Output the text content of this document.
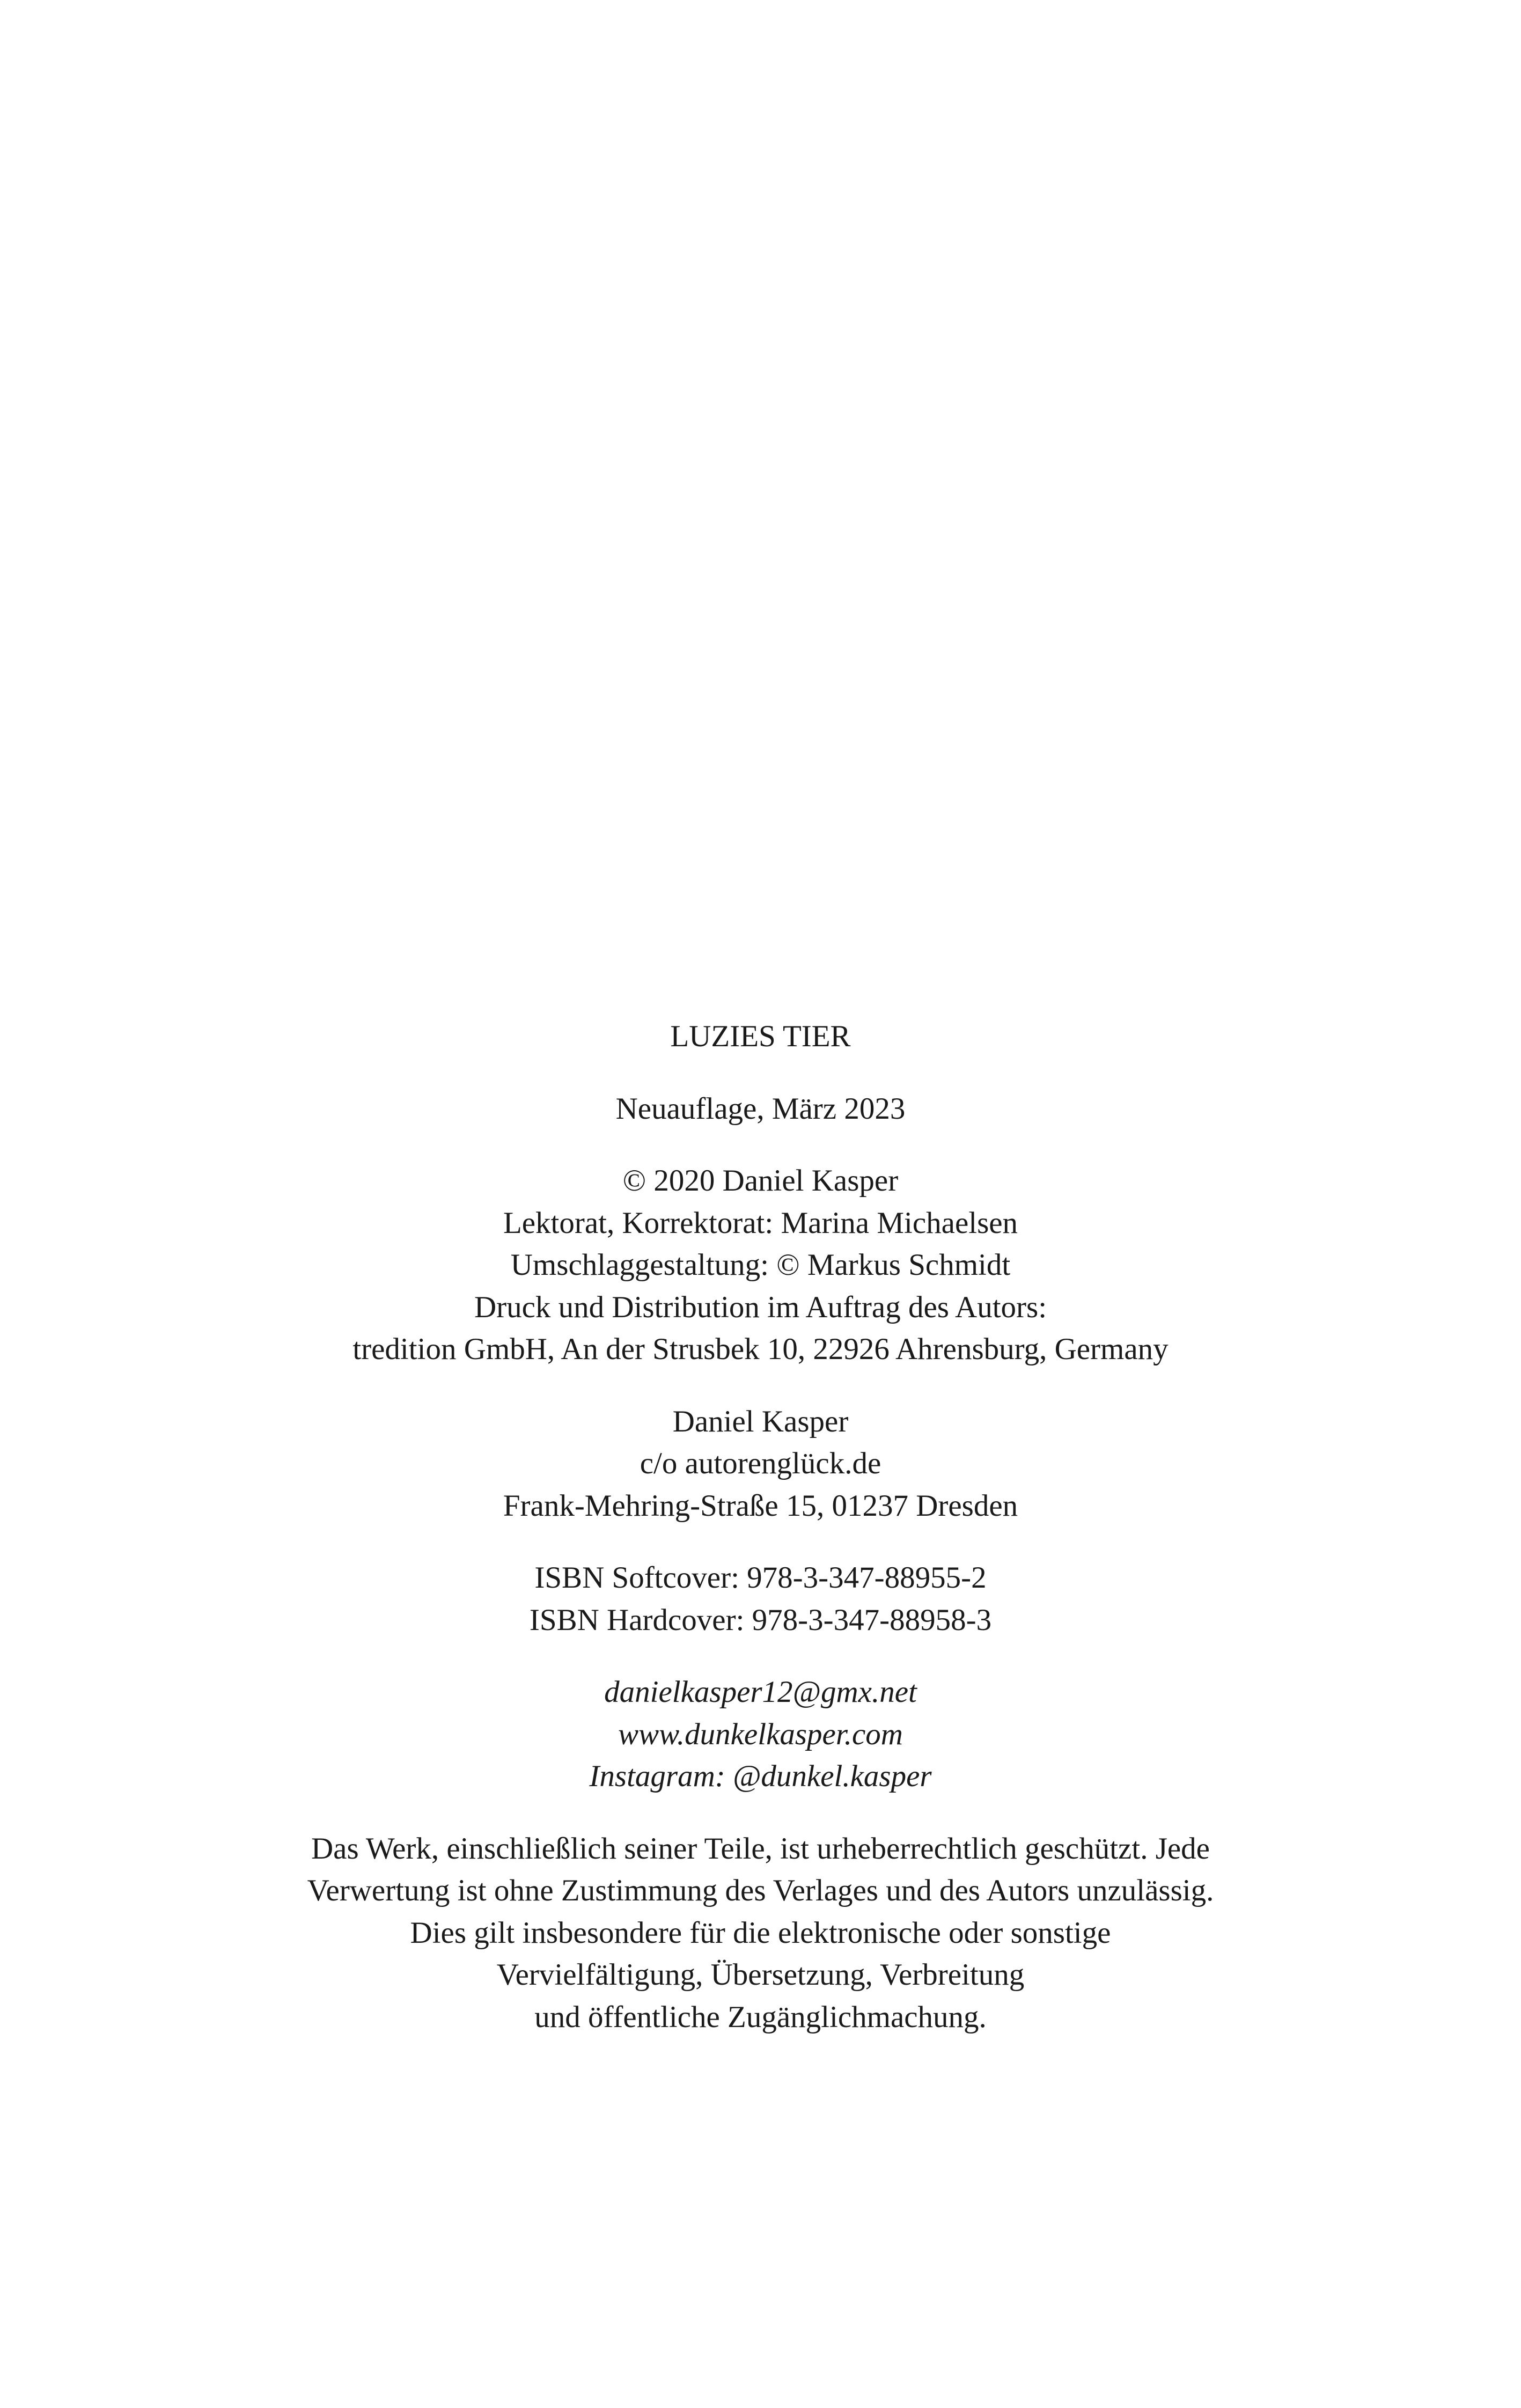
LUZIES TIER
Neuauflage, März 2023
© 2020 Daniel Kasper
Lektorat, Korrektorat: Marina Michaelsen
Umschlaggestaltung: © Markus Schmidt
Druck und Distribution im Auftrag des Autors:
tredition GmbH, An der Strusbek 10, 22926 Ahrensburg, Germany
Daniel Kasper
c/o autorenglück.de
Frank-Mehring-Straße 15, 01237 Dresden
ISBN Softcover: 978-3-347-88955-2
ISBN Hardcover: 978-3-347-88958-3
danielkasper12@gmx.net
www.dunkelkasper.com
Instagram: @dunkel.kasper
Das Werk, einschließlich seiner Teile, ist urheberrechtlich geschützt. Jede
Verwertung ist ohne Zustimmung des Verlages und des Autors unzulässig.
Dies gilt insbesondere für die elektronische oder sonstige
Vervielfältigung, Übersetzung, Verbreitung
und öffentliche Zugänglichmachung.
